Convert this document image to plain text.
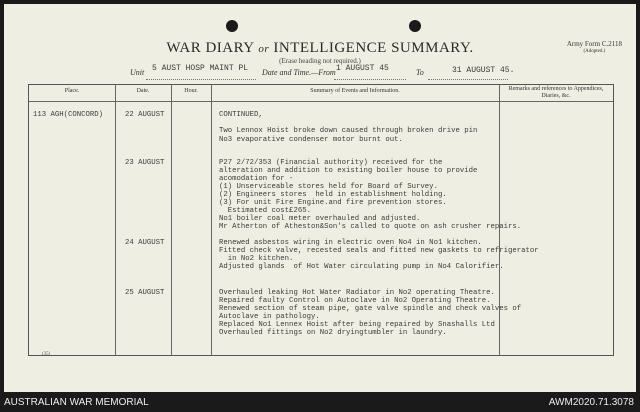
WAR DIARY or INTELLIGENCE SUMMARY.
(Erase heading not required.)
Army Form C.2118
(Adopted.)
Unit 5 AUST HOSP MAINT PL Date and Time.—From 1 AUGUST 45	To	31 AUGUST 45.
Place.	Date.	Hour.	Summary of Events and Information.	Remarks and references to Appendices, Diaries, &c.
113 AGH(CONCORD)	22 AUGUST	CONTINUED,
Two Lennox Hoist broke down caused through broken drive pin
No3 evaporative condenser motor burnt out.
23 AUGUST	P27 2/72/353 (Financial authority) received for the
alteration and addition to existing boiler house to provide
acomodation for -
(1) Unserviceable stores held for Board of Survey.
(2) Engineers stores  held in establishment holding.
(3) For unit Fire Engine.and fire prevention stores.
Estimated cost£265.
No1 boiler coal meter overhauled and adjusted.
Mr Atherton of Atheston&Son's called to quote on ash crusher repairs.
24 AUGUST	Renewed asbestos wiring in electric oven No4 in No1 kitchen.
Fitted check valve, recested seals and fitted new gaskets to refrigerator
in No2 kitchen.
Adjusted glands  of Hot Water circulating pump in No4 Calorifier.
25 AUGUST	Overhauled leaking Hot Water Radiator in No2 operating Theatre.
Repaired faulty Control on Autoclave in No2 Operating Theatre.
Renewed section of steam pipe, gate valve spindle and check valves of
Autoclave in pathology.
Replaced No1 Lennex Hoist after being repaired by Snashalls Ltd
Overhauled fittings on No2 dryingtumbler in laundry.
(35)
AUSTRALIAN WAR MEMORIAL	AWM2020.71.3078
